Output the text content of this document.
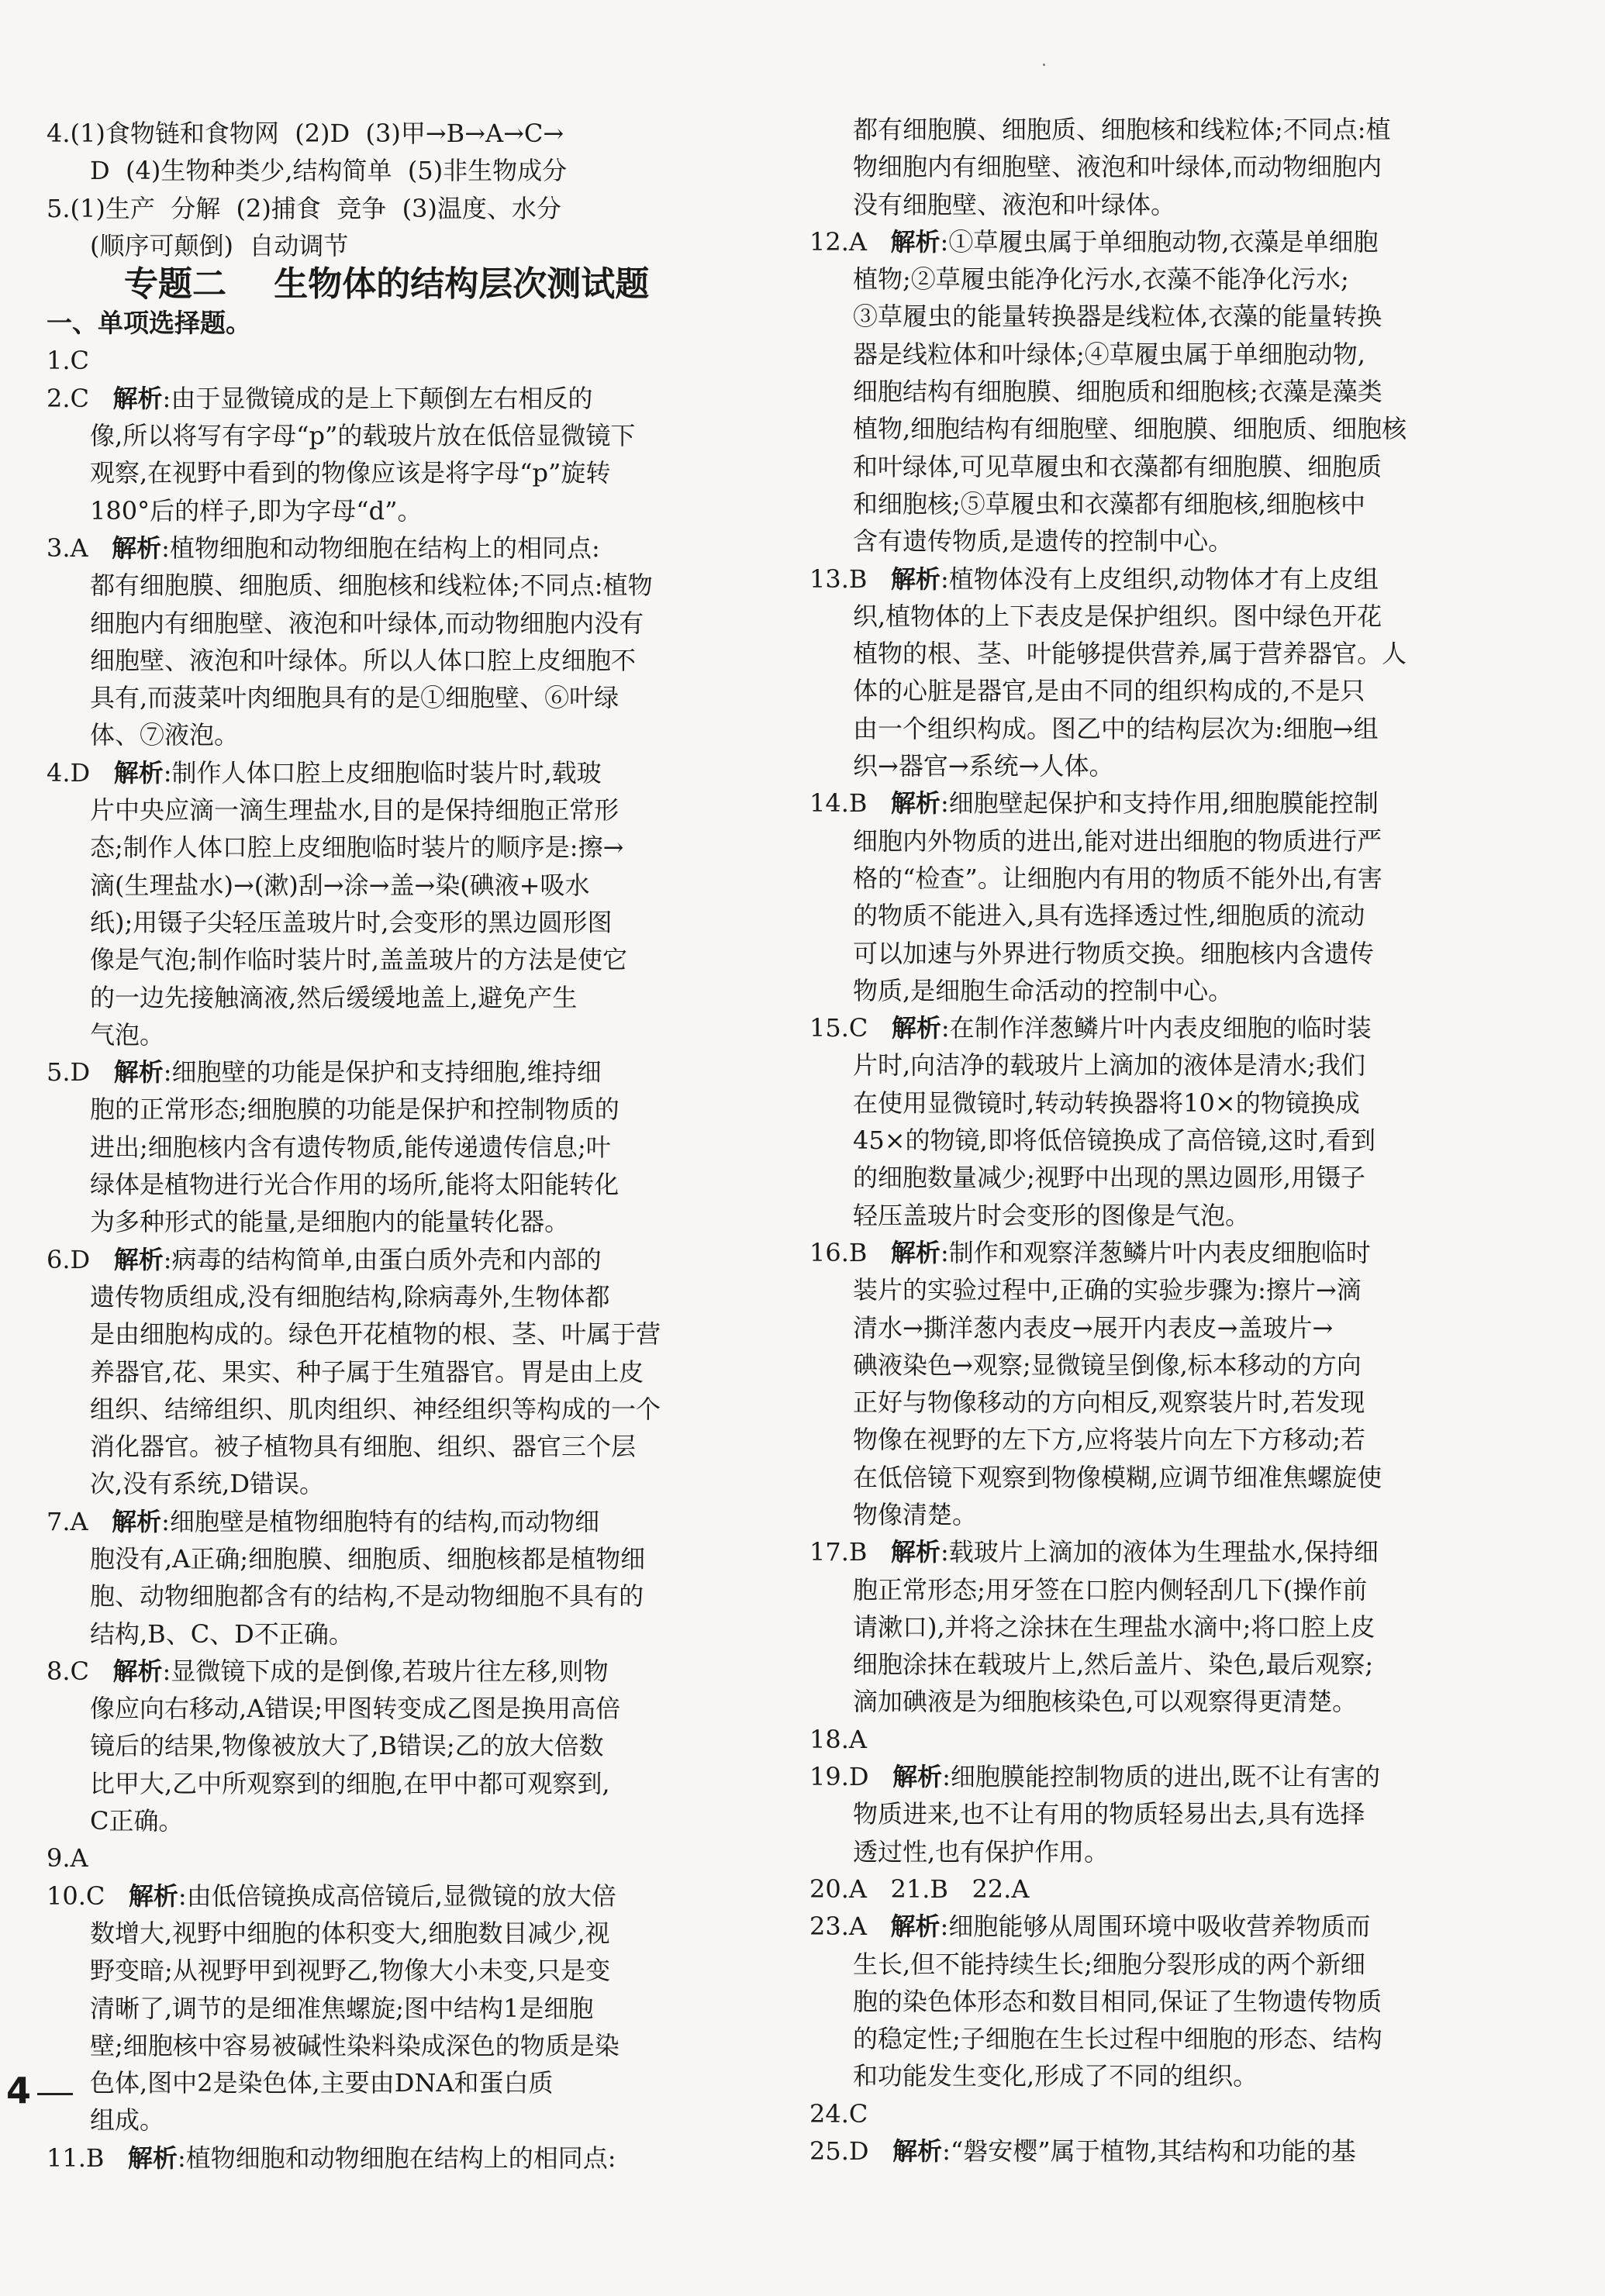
4.(1)食物链和食物网  (2)D  (3)甲→B→A→C→
D  (4)生物种类少,结构简单  (5)非生物成分
5.(1)生产  分解  (2)捕食  竞争  (3)温度、水分
(顺序可颠倒)  自动调节
专题二    生物体的结构层次测试题
一、单项选择题。
1.C
2.C   解析:由于显微镜成的是上下颠倒左右相反的
像,所以将写有字母“p”的载玻片放在低倍显微镜下
观察,在视野中看到的物像应该是将字母“p”旋转
180°后的样子,即为字母“d”。
3.A   解析:植物细胞和动物细胞在结构上的相同点:
都有细胞膜、细胞质、细胞核和线粒体;不同点:植物
细胞内有细胞壁、液泡和叶绿体,而动物细胞内没有
细胞壁、液泡和叶绿体。所以人体口腔上皮细胞不
具有,而菠菜叶肉细胞具有的是①细胞壁、⑥叶绿
体、⑦液泡。
4.D   解析:制作人体口腔上皮细胞临时装片时,载玻
片中央应滴一滴生理盐水,目的是保持细胞正常形
态;制作人体口腔上皮细胞临时装片的顺序是:擦→
滴(生理盐水)→(漱)刮→涂→盖→染(碘液+吸水
纸);用镊子尖轻压盖玻片时,会变形的黑边圆形图
像是气泡;制作临时装片时,盖盖玻片的方法是使它
的一边先接触滴液,然后缓缓地盖上,避免产生
气泡。
5.D   解析:细胞壁的功能是保护和支持细胞,维持细
胞的正常形态;细胞膜的功能是保护和控制物质的
进出;细胞核内含有遗传物质,能传递遗传信息;叶
绿体是植物进行光合作用的场所,能将太阳能转化
为多种形式的能量,是细胞内的能量转化器。
6.D   解析:病毒的结构简单,由蛋白质外壳和内部的
遗传物质组成,没有细胞结构,除病毒外,生物体都
是由细胞构成的。绿色开花植物的根、茎、叶属于营
养器官,花、果实、种子属于生殖器官。胃是由上皮
组织、结缔组织、肌肉组织、神经组织等构成的一个
消化器官。被子植物具有细胞、组织、器官三个层
次,没有系统,D错误。
7.A   解析:细胞壁是植物细胞特有的结构,而动物细
胞没有,A正确;细胞膜、细胞质、细胞核都是植物细
胞、动物细胞都含有的结构,不是动物细胞不具有的
结构,B、C、D不正确。
8.C   解析:显微镜下成的是倒像,若玻片往左移,则物
像应向右移动,A错误;甲图转变成乙图是换用高倍
镜后的结果,物像被放大了,B错误;乙的放大倍数
比甲大,乙中所观察到的细胞,在甲中都可观察到,
C正确。
9.A
10.C   解析:由低倍镜换成高倍镜后,显微镜的放大倍
数增大,视野中细胞的体积变大,细胞数目减少,视
野变暗;从视野甲到视野乙,物像大小未变,只是变
清晰了,调节的是细准焦螺旋;图中结构1是细胞
壁;细胞核中容易被碱性染料染成深色的物质是染
色体,图中2是染色体,主要由DNA和蛋白质
组成。
11.B   解析:植物细胞和动物细胞在结构上的相同点:
都有细胞膜、细胞质、细胞核和线粒体;不同点:植
物细胞内有细胞壁、液泡和叶绿体,而动物细胞内
没有细胞壁、液泡和叶绿体。
12.A   解析:①草履虫属于单细胞动物,衣藻是单细胞
植物;②草履虫能净化污水,衣藻不能净化污水;
③草履虫的能量转换器是线粒体,衣藻的能量转换
器是线粒体和叶绿体;④草履虫属于单细胞动物,
细胞结构有细胞膜、细胞质和细胞核;衣藻是藻类
植物,细胞结构有细胞壁、细胞膜、细胞质、细胞核
和叶绿体,可见草履虫和衣藻都有细胞膜、细胞质
和细胞核;⑤草履虫和衣藻都有细胞核,细胞核中
含有遗传物质,是遗传的控制中心。
13.B   解析:植物体没有上皮组织,动物体才有上皮组
织,植物体的上下表皮是保护组织。图中绿色开花
植物的根、茎、叶能够提供营养,属于营养器官。人
体的心脏是器官,是由不同的组织构成的,不是只
由一个组织构成。图乙中的结构层次为:细胞→组
织→器官→系统→人体。
14.B   解析:细胞壁起保护和支持作用,细胞膜能控制
细胞内外物质的进出,能对进出细胞的物质进行严
格的“检查”。让细胞内有用的物质不能外出,有害
的物质不能进入,具有选择透过性,细胞质的流动
可以加速与外界进行物质交换。细胞核内含遗传
物质,是细胞生命活动的控制中心。
15.C   解析:在制作洋葱鳞片叶内表皮细胞的临时装
片时,向洁净的载玻片上滴加的液体是清水;我们
在使用显微镜时,转动转换器将10×的物镜换成
45×的物镜,即将低倍镜换成了高倍镜,这时,看到
的细胞数量减少;视野中出现的黑边圆形,用镊子
轻压盖玻片时会变形的图像是气泡。
16.B   解析:制作和观察洋葱鳞片叶内表皮细胞临时
装片的实验过程中,正确的实验步骤为:擦片→滴
清水→撕洋葱内表皮→展开内表皮→盖玻片→
碘液染色→观察;显微镜呈倒像,标本移动的方向
正好与物像移动的方向相反,观察装片时,若发现
物像在视野的左下方,应将装片向左下方移动;若
在低倍镜下观察到物像模糊,应调节细准焦螺旋使
物像清楚。
17.B   解析:载玻片上滴加的液体为生理盐水,保持细
胞正常形态;用牙签在口腔内侧轻刮几下(操作前
请漱口),并将之涂抹在生理盐水滴中;将口腔上皮
细胞涂抹在载玻片上,然后盖片、染色,最后观察;
滴加碘液是为细胞核染色,可以观察得更清楚。
18.A
19.D   解析:细胞膜能控制物质的进出,既不让有害的
物质进来,也不让有用的物质轻易出去,具有选择
透过性,也有保护作用。
20.A   21.B   22.A
23.A   解析:细胞能够从周围环境中吸收营养物质而
生长,但不能持续生长;细胞分裂形成的两个新细
胞的染色体形态和数目相同,保证了生物遗传物质
的稳定性;子细胞在生长过程中细胞的形态、结构
和功能发生变化,形成了不同的组织。
24.C
25.D   解析:“磐安樱”属于植物,其结构和功能的基
4
